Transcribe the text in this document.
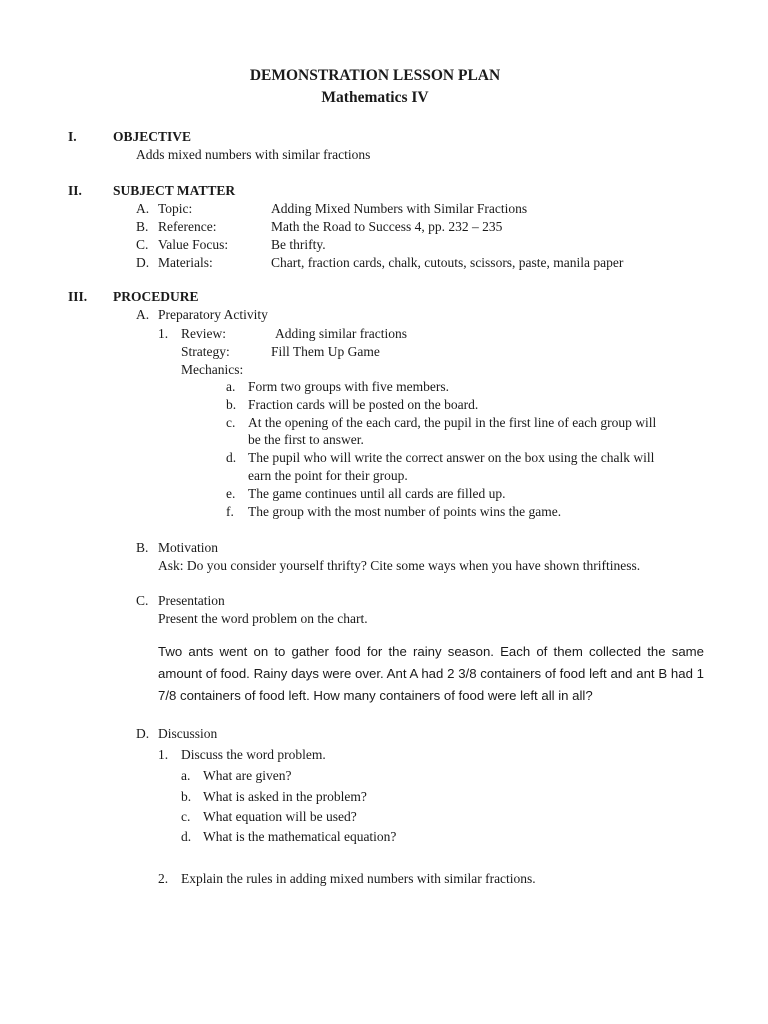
DEMONSTRATION LESSON PLAN
Mathematics IV
I.	OBJECTIVE
Adds mixed numbers with similar fractions
II. SUBJECT MATTER
A. Topic:	Adding Mixed Numbers with Similar Fractions
B. Reference:	Math the Road to Success 4, pp. 232 – 235
C. Value Focus:	Be thrifty.
D. Materials:	Chart, fraction cards, chalk, cutouts, scissors, paste, manila paper
III. PROCEDURE
A. Preparatory Activity
1. Review:	Adding similar fractions
Strategy:	Fill Them Up Game
Mechanics:
a. Form two groups with five members.
b. Fraction cards will be posted on the board.
c. At the opening of the each card, the pupil in the first line of each group will
be the first to answer.
d. The pupil who will write the correct answer on the box using the chalk will
earn the point for their group.
e. The game continues until all cards are filled up.
f. The group with the most number of points wins the game.
B. Motivation
Ask: Do you consider yourself thrifty? Cite some ways when you have shown thriftiness.
C. Presentation
Present the word problem on the chart.
Two ants went on to gather food for the rainy season. Each of them collected the same amount of food. Rainy days were over. Ant A had 2 3/8 containers of food left and ant B had 1 7/8 containers of food left. How many containers of food were left all in all?
D. Discussion
1. Discuss the word problem.
a. What are given?
b. What is asked in the problem?
c. What equation will be used?
d. What is the mathematical equation?
2. Explain the rules in adding mixed numbers with similar fractions.
